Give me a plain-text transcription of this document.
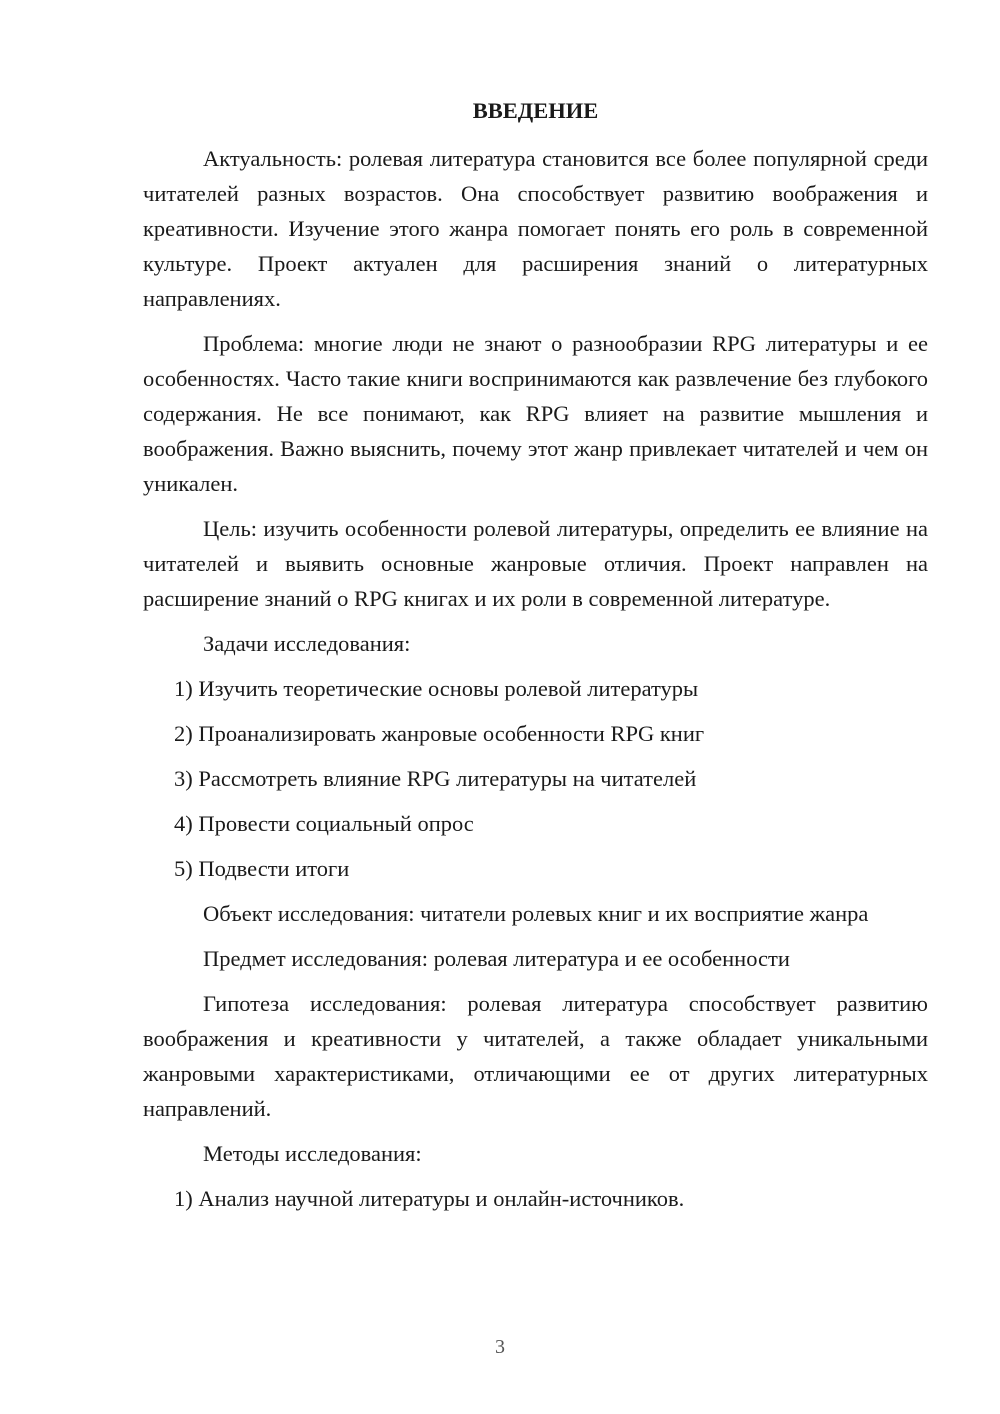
ВВЕДЕНИЕ

Актуальность: ролевая литература становится все более популярной среди читателей разных возрастов. Она способствует развитию воображения и креативности. Изучение этого жанра помогает понять его роль в современной культуре. Проект актуален для расширения знаний о литературных направлениях.

Проблема: многие люди не знают о разнообразии RPG литературы и ее особенностях. Часто такие книги воспринимаются как развлечение без глубокого содержания. Не все понимают, как RPG влияет на развитие мышления и воображения. Важно выяснить, почему этот жанр привлекает читателей и чем он уникален.

Цель: изучить особенности ролевой литературы, определить ее влияние на читателей и выявить основные жанровые отличия. Проект направлен на расширение знаний о RPG книгах и их роли в современной литературе.

Задачи исследования:

1) Изучить теоретические основы ролевой литературы

2) Проанализировать жанровые особенности RPG книг

3) Рассмотреть влияние RPG литературы на читателей

4) Провести социальный опрос

5) Подвести итоги

Объект исследования: читатели ролевых книг и их восприятие жанра

Предмет исследования: ролевая литература и ее особенности

Гипотеза исследования: ролевая литература способствует развитию воображения и креативности у читателей, а также обладает уникальными жанровыми характеристиками, отличающими ее от других литературных направлений.

Методы исследования:

1) Анализ научной литературы и онлайн-источников.

3
